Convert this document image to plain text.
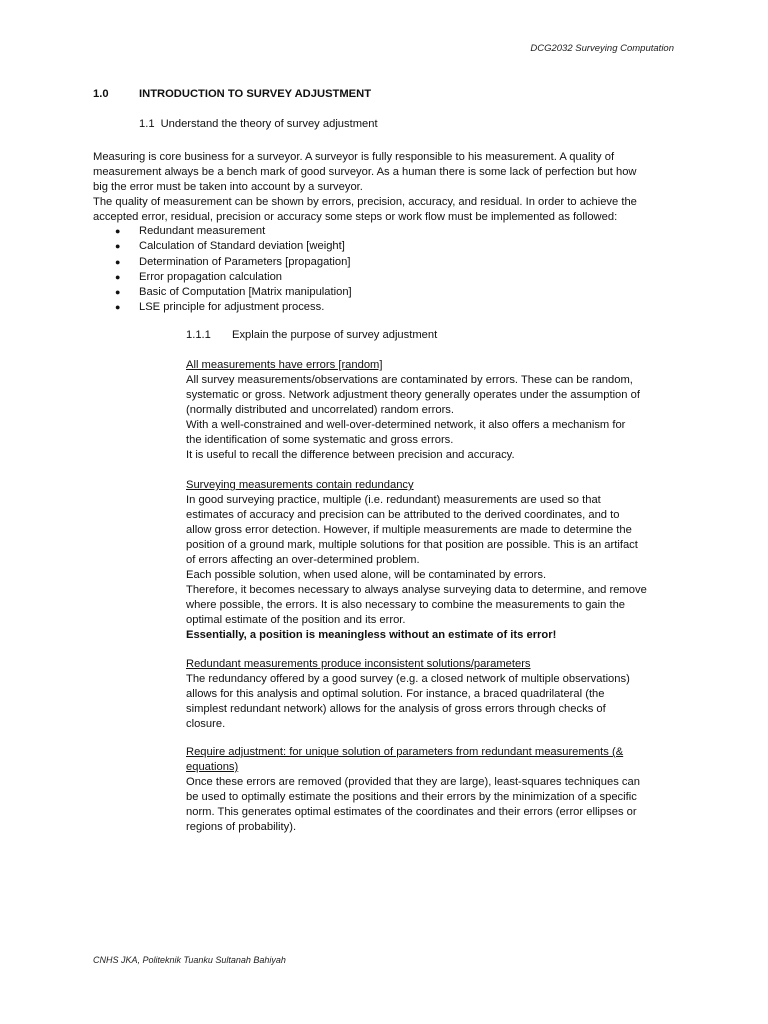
DCG2032 Surveying Computation
1.0	INTRODUCTION TO SURVEY ADJUSTMENT
1.1 Understand the theory of survey adjustment
Measuring is core business for a surveyor. A surveyor is fully responsible to his measurement. A quality of
measurement always be a bench mark of good surveyor. As a human there is some lack of perfection but how
big the error must be taken into account by a surveyor.
The quality of measurement can be shown by errors, precision, accuracy, and residual. In order to achieve the
accepted error, residual, precision or accuracy some steps or work flow must be implemented as followed:
●	Redundant measurement
●	Calculation of Standard deviation [weight]
●	Determination of Parameters [propagation]
●	Error propagation calculation
●	Basic of Computation [Matrix manipulation]
●	LSE principle for adjustment process.
1.1.1 Explain the purpose of survey adjustment
All measurements have errors [random]
All survey measurements/observations are contaminated by errors. These can be random,
systematic or gross. Network adjustment theory generally operates under the assumption of
(normally distributed and uncorrelated) random errors.
With a well-constrained and well-over-determined network, it also offers a mechanism for
the identification of some systematic and gross errors.
It is useful to recall the difference between precision and accuracy.
Surveying measurements contain redundancy
In good surveying practice, multiple (i.e. redundant) measurements are used so that
estimates of accuracy and precision can be attributed to the derived coordinates, and to
allow gross error detection. However, if multiple measurements are made to determine the
position of a ground mark, multiple solutions for that position are possible. This is an artifact
of errors affecting an over-determined problem.
Each possible solution, when used alone, will be contaminated by errors.
Therefore, it becomes necessary to always analyse surveying data to determine, and remove
where possible, the errors. It is also necessary to combine the measurements to gain the
optimal estimate of the position and its error.
Essentially, a position is meaningless without an estimate of its error!
Redundant measurements produce inconsistent solutions/parameters
The redundancy offered by a good survey (e.g. a closed network of multiple observations)
allows for this analysis and optimal solution. For instance, a braced quadrilateral (the
simplest redundant network) allows for the analysis of gross errors through checks of
closure.
Require adjustment: for unique solution of parameters from redundant measurements (&
equations)
Once these errors are removed (provided that they are large), least-squares techniques can
be used to optimally estimate the positions and their errors by the minimization of a specific
norm. This generates optimal estimates of the coordinates and their errors (error ellipses or
regions of probability).
CNHS JKA, Politeknik Tuanku Sultanah Bahiyah
